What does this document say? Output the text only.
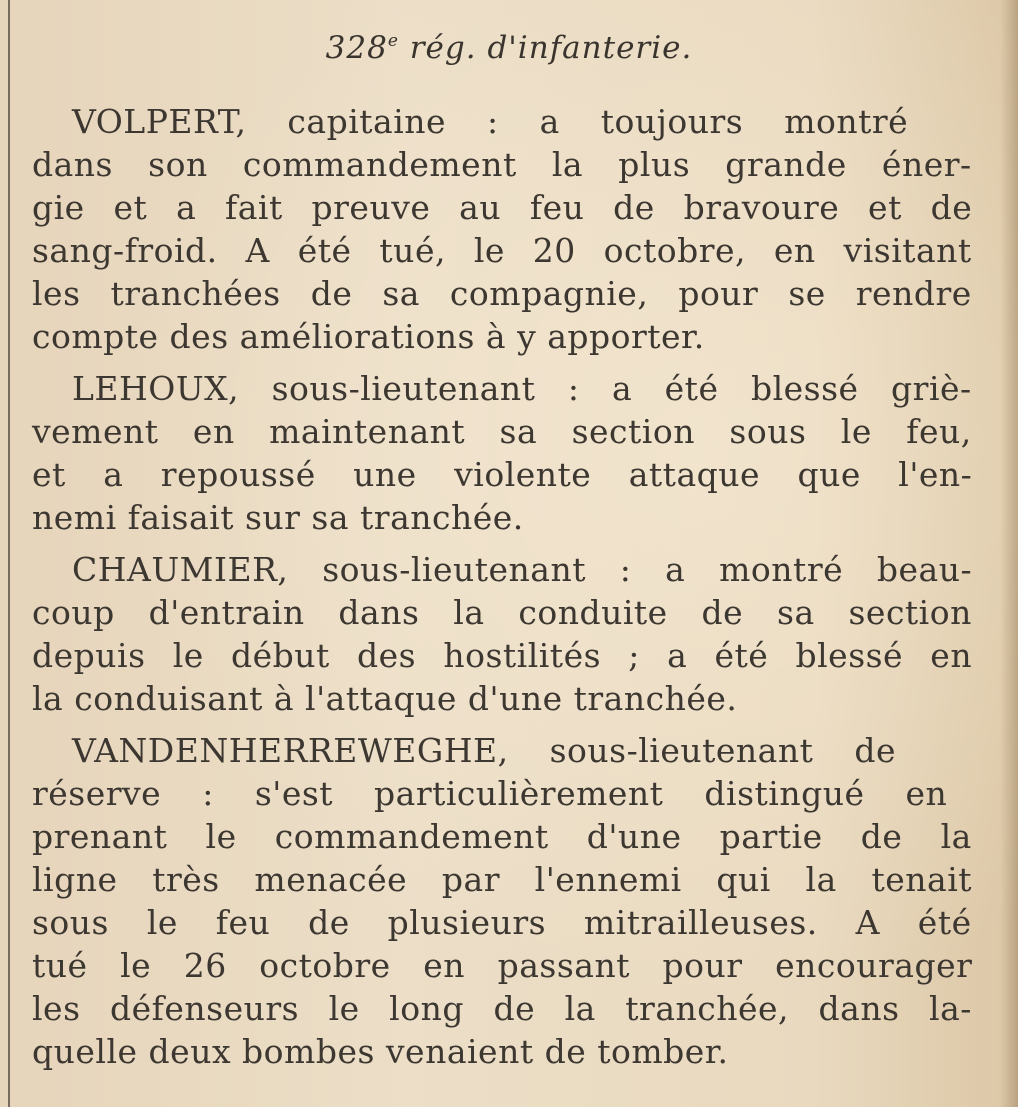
328e rég. d'infanterie.
VOLPERT, capitaine : a toujours montré
dans son commandement la plus grande éner-
gie et a fait preuve au feu de bravoure et de
sang-froid. A été tué, le 20 octobre, en visitant
les tranchées de sa compagnie, pour se rendre
compte des améliorations à y apporter.
LEHOUX, sous-lieutenant : a été blessé griè-
vement en maintenant sa section sous le feu,
et a repoussé une violente attaque que l'en-
nemi faisait sur sa tranchée.
CHAUMIER, sous-lieutenant : a montré beau-
coup d'entrain dans la conduite de sa section
depuis le début des hostilités ; a été blessé en
la conduisant à l'attaque d'une tranchée.
VANDENHERREWEGHE, sous-lieutenant de
réserve : s'est particulièrement distingué en
prenant le commandement d'une partie de la
ligne très menacée par l'ennemi qui la tenait
sous le feu de plusieurs mitrailleuses. A été
tué le 26 octobre en passant pour encourager
les défenseurs le long de la tranchée, dans la-
quelle deux bombes venaient de tomber.
